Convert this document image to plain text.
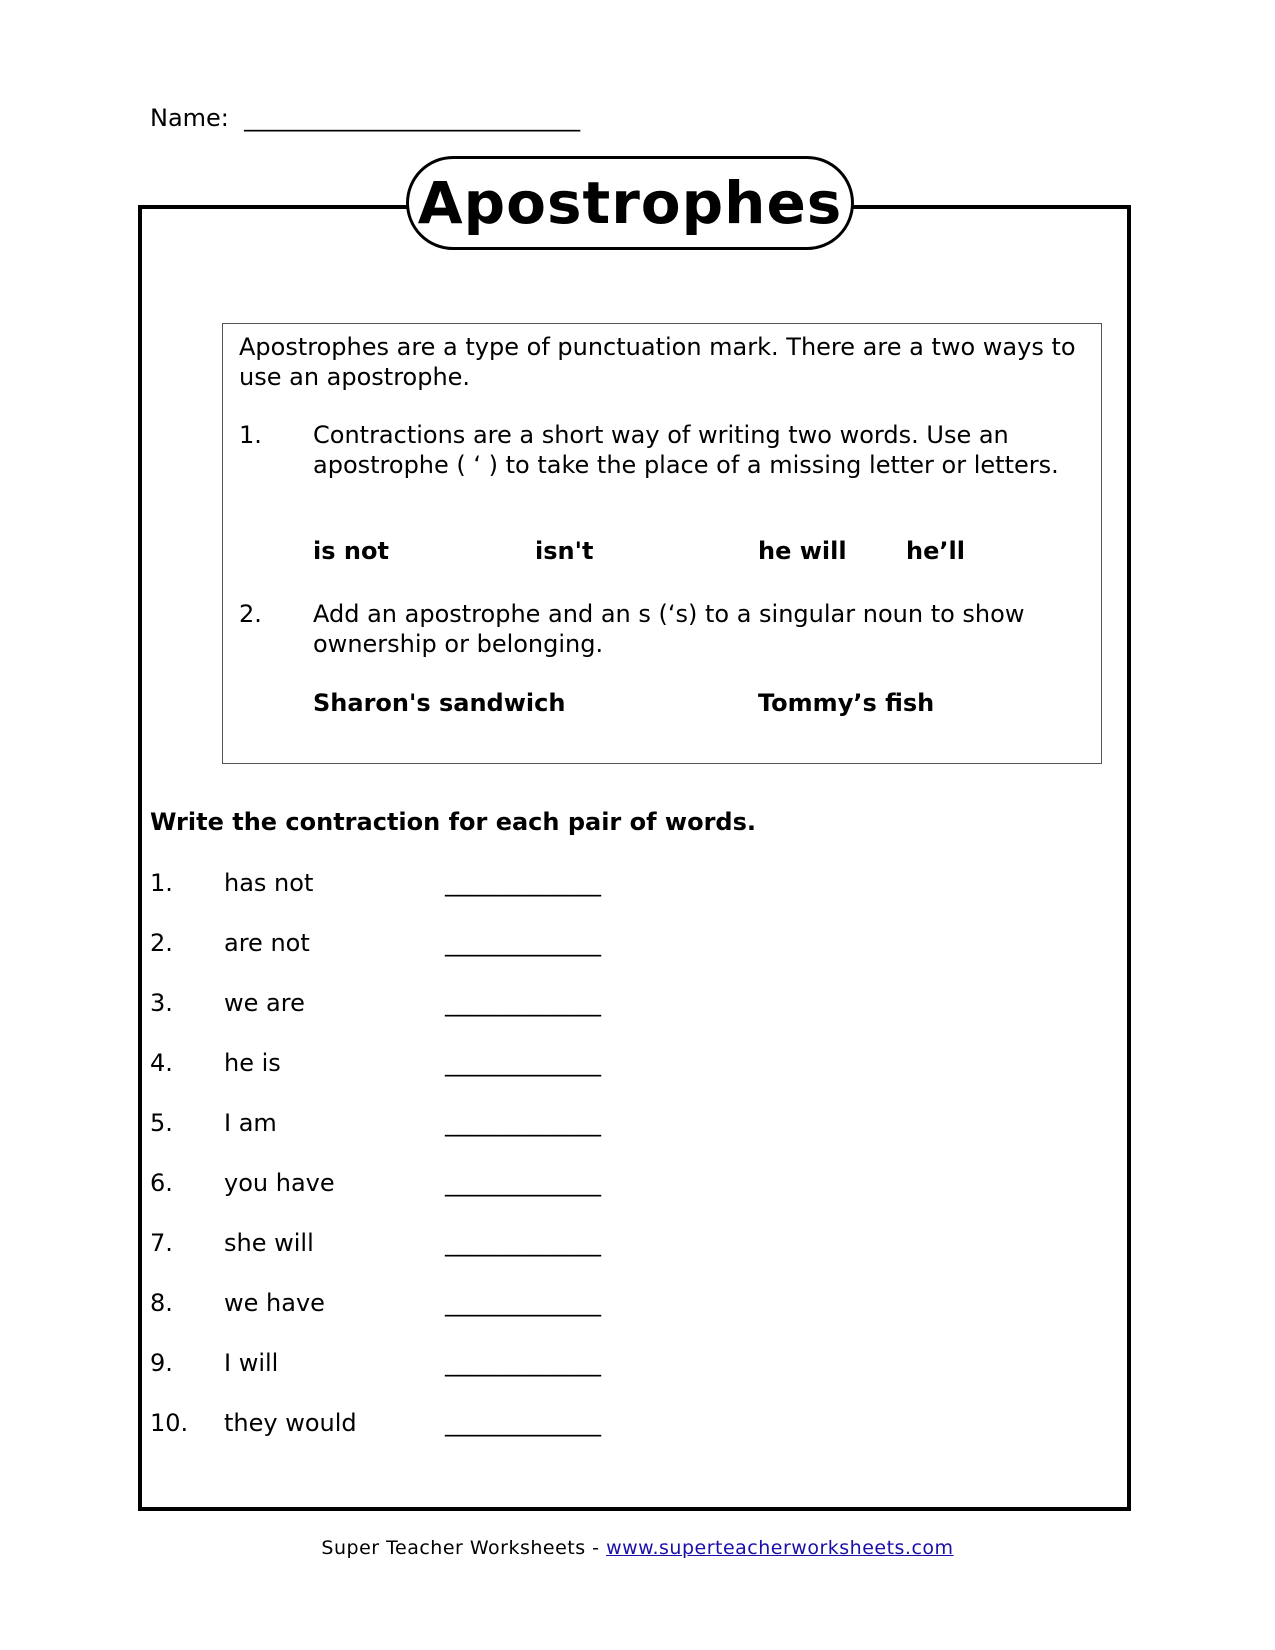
Name: ____________________________
Apostrophes
Apostrophes are a type of punctuation mark. There are a two ways to use an apostrophe.
1. Contractions are a short way of writing two words. Use an apostrophe ( ‘ ) to take the place of a missing letter or letters.
is not	isn't	he will he’ll
2. Add an apostrophe and an s (‘s) to a singular noun to show ownership or belonging.
Sharon's sandwich	Tommy’s fish
Write the contraction for each pair of words.
1. has not	_____________
2. are not	_____________
3. we are	_____________
4. he is	_____________
5. I am	_____________
6. you have	_____________
7. she will	_____________
8. we have	_____________
9. I will	_____________
10. they would	_____________
Super Teacher Worksheets - www.superteacherworksheets.com
